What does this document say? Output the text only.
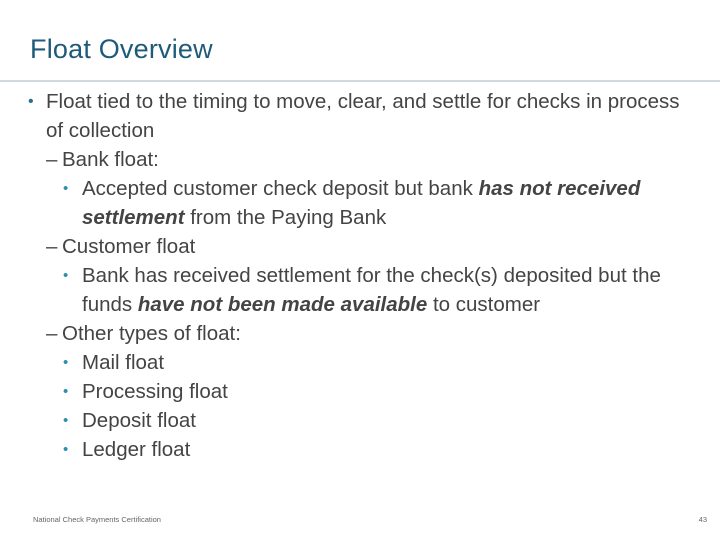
Float Overview
• Float tied to the timing to move, clear, and settle for checks in process of collection
– Bank float:
• Accepted customer check deposit but bank has not received settlement from the Paying Bank
– Customer float
• Bank has received settlement for the check(s) deposited but the funds have not been made available to customer
– Other types of float:
• Mail float
• Processing float
• Deposit float
• Ledger float
National Check Payments Certification	43
